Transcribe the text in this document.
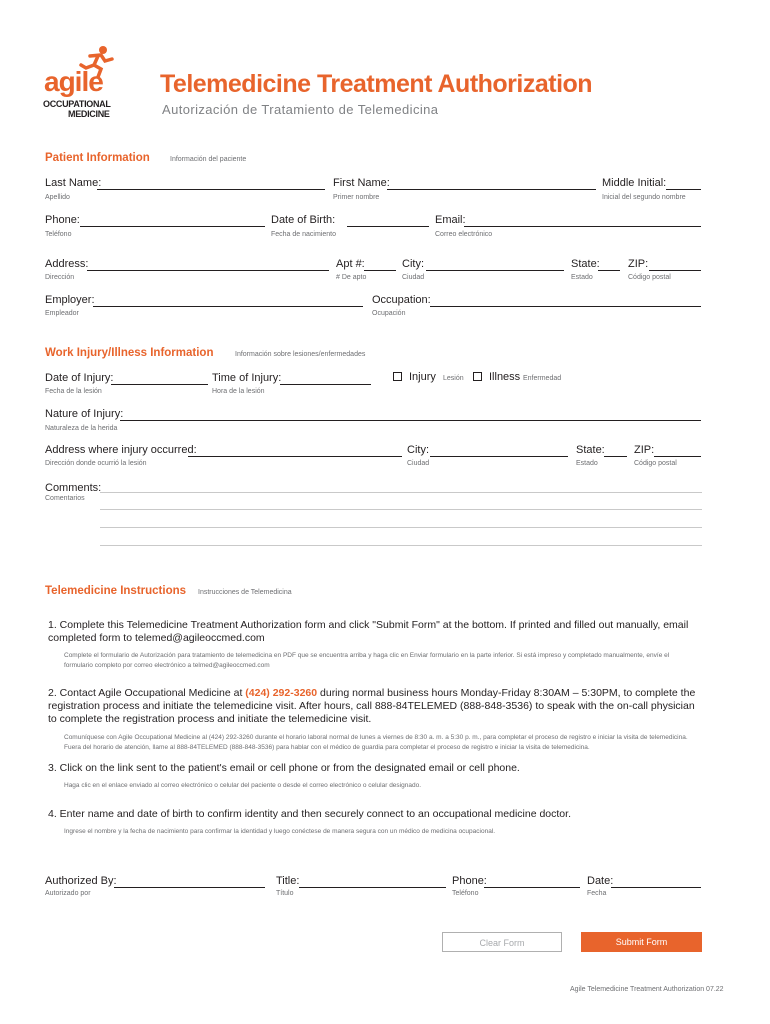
agile
OCCUPATIONAL
MEDICINE
Telemedicine Treatment Authorization
Autorización de Tratamiento de Telemedicina
Patient Information	Información del paciente
Last Name:
Apellido
First Name:
Primer nombre
Middle Initial:
Inicial del segundo nombre
Phone:
Teléfono
Date of Birth:
Fecha de nacimiento
Email:
Correo electrónico
Address:
Dirección
Apt #:
# De apto
City:
Ciudad
State:
Estado
ZIP:
Código postal
Employer:
Empleador
Occupation:
Ocupación
Work Injury/Illness Information	Información sobre lesiones/enfermedades
Date of Injury:
Fecha de la lesión
Time of Injury:
Hora de la lesión
Injury Lesión Illness Enfermedad
Nature of Injury:
Naturaleza de la herida
Address where injury occurred:
Dirección donde ocurrió la lesión
City:
Ciudad
State:
Estado
ZIP:
Código postal
Comments:
Comentarios
Telemedicine Instructions Instrucciones de Telemedicina
1. Complete this Telemedicine Treatment Authorization form and click "Submit Form" at the bottom. If printed and filled out manually, email completed form to telemed@agileoccmed.com
Complete el formulario de Autorización para tratamiento de telemedicina en PDF que se encuentra arriba y haga clic en Enviar formulario en la parte inferior. Si está impreso y completado manualmente, envíe el formulario completo por correo electrónico a telmed@agileoccmed.com
2. Contact Agile Occupational Medicine at (424) 292-3260 during normal business hours Monday-Friday 8:30AM – 5:30PM, to complete the registration process and initiate the telemedicine visit. After hours, call 888-84TELEMED (888-848-3536) to speak with the on-call physician to complete the registration process and initiate the telemedicine visit.
Comuníquese con Agile Occupational Medicine al (424) 292-3260 durante el horario laboral normal de lunes a viernes de 8:30 a. m. a 5:30 p. m., para completar el proceso de registro e iniciar la visita de telemedicina. Fuera del horario de atención, llame al 888-84TELEMED (888-848-3536) para hablar con el médico de guardia para completar el proceso de registro e iniciar la visita de telemedicina.
3. Click on the link sent to the patient's email or cell phone or from the designated email or cell phone.
Haga clic en el enlace enviado al correo electrónico o celular del paciente o desde el correo electrónico o celular designado.
4. Enter name and date of birth to confirm identity and then securely connect to an occupational medicine doctor.
Ingrese el nombre y la fecha de nacimiento para confirmar la identidad y luego conéctese de manera segura con un médico de medicina ocupacional.
Authorized By:
Autorizado por
Title:
Título
Phone:
Teléfono
Date:
Fecha
Clear Form	Submit Form
Agile Telemedicine Treatment Authorization 07.22
